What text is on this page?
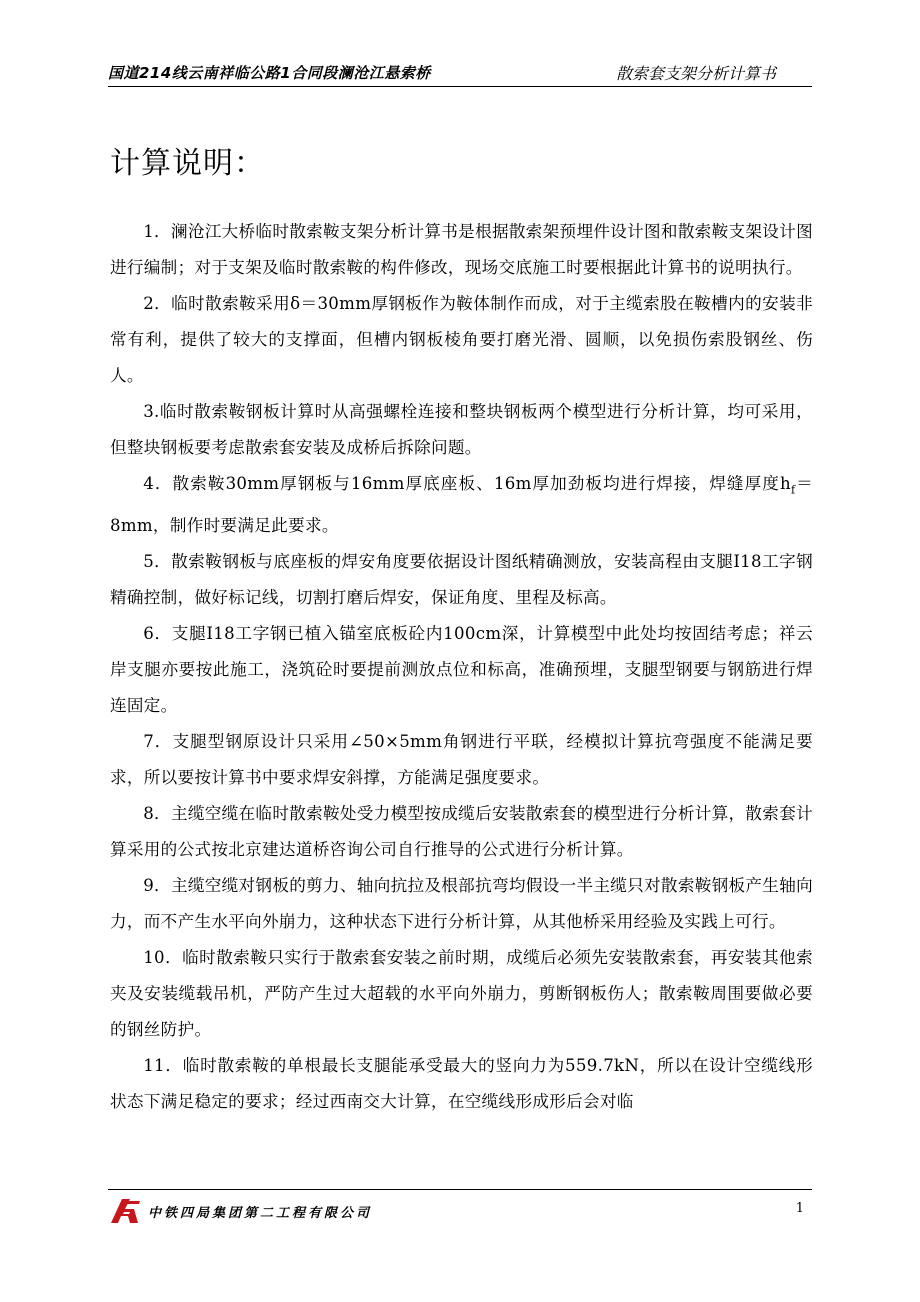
国道214线云南祥临公路1合同段澜沧江悬索桥	散索套支架分析计算书
计算说明：

1．澜沧江大桥临时散索鞍支架分析计算书是根据散索架预埋件设计图和散索鞍支架设计图进行编制；对于支架及临时散索鞍的构件修改，现场交底施工时要根据此计算书的说明执行。

2．临时散索鞍采用δ＝30mm厚钢板作为鞍体制作而成，对于主缆索股在鞍槽内的安装非常有利，提供了较大的支撑面，但槽内钢板棱角要打磨光滑、圆顺，以免损伤索股钢丝、伤人。

3.临时散索鞍钢板计算时从高强螺栓连接和整块钢板两个模型进行分析计算，均可采用，但整块钢板要考虑散索套安装及成桥后拆除问题。

4．散索鞍30mm厚钢板与16mm厚底座板、16m厚加劲板均进行焊接，焊缝厚度$h_f=8mm$，制作时要满足此要求。

5．散索鞍钢板与底座板的焊安角度要依据设计图纸精确测放，安装高程由支腿I18工字钢精确控制，做好标记线，切割打磨后焊安，保证角度、里程及标高。

6．支腿I18工字钢已植入锚室底板砼内100cm深，计算模型中此处均按固结考虑；祥云岸支腿亦要按此施工，浇筑砼时要提前测放点位和标高，准确预埋，支腿型钢要与钢筋进行焊连固定。

7．支腿型钢原设计只采用∠50×5mm角钢进行平联，经模拟计算抗弯强度不能满足要求，所以要按计算书中要求焊安斜撑，方能满足强度要求。

8．主缆空缆在临时散索鞍处受力模型按成缆后安装散索套的模型进行分析计算，散索套计算采用的公式按北京建达道桥咨询公司自行推导的公式进行分析计算。

9．主缆空缆对钢板的剪力、轴向抗拉及根部抗弯均假设一半主缆只对散索鞍钢板产生轴向力，而不产生水平向外崩力，这种状态下进行分析计算，从其他桥采用经验及实践上可行。

10．临时散索鞍只实行于散索套安装之前时期，成缆后必须先安装散索套，再安装其他索夹及安装缆载吊机，严防产生过大超载的水平向外崩力，剪断钢板伤人；散索鞍周围要做必要的钢丝防护。

11．临时散索鞍的单根最长支腿能承受最大的竖向力为559.7kN，所以在设计空缆线形状态下满足稳定的要求；经过西南交大计算，在空缆线形成形后会对临

中铁四局集团第二工程有限公司	1
